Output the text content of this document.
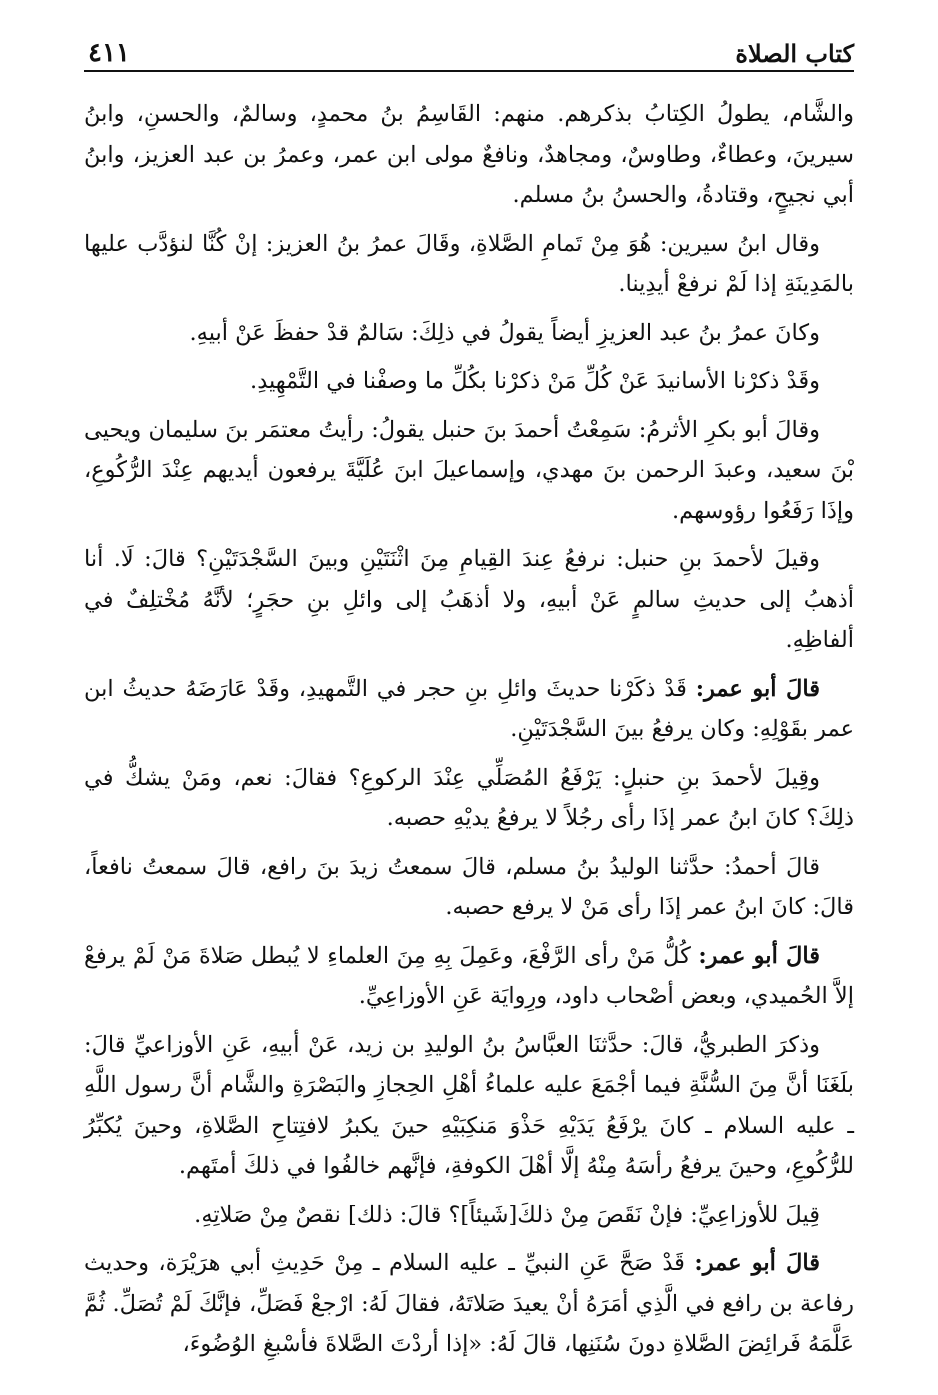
كتاب الصلاة
٤١١

والشَّام، يطولُ الكِتابُ بذكرهم. منهم: القَاسِمُ بنُ محمدٍ، وسالمٌ، والحسنِ، وابنُ سيرينَ، وعطاءٌ، وطاوسٌ، ومجاهدٌ، ونافعٌ مولى ابن عمر، وعمرُ بن عبد العزيز، وابنُ أبي نجيحٍ، وقتادةُ، والحسنُ بنُ مسلم.

وقال ابنُ سيرين: هُوَ مِنْ تَمامِ الصَّلاةِ، وقَالَ عمرُ بنُ العزيز: إنْ كُنَّا لنؤدَّب عليها بالمَدِينَةِ إذا لَمْ نرفعْ أيدِينا.

وكانَ عمرُ بنُ عبد العزيزِ أيضاً يقولُ في ذلِكَ: سَالمٌ قدْ حفظَ عَنْ أبيهِ.

وقَدْ ذكرْنا الأسانيدَ عَنْ كُلِّ مَنْ ذكرْنا بكُلِّ ما وصفْنا في التَّمْهِيدِ.

وقالَ أبو بكرِ الأثرمُ: سَمِعْتُ أحمدَ بنَ حنبل يقولُ: رأيتُ معتمَر بنَ سليمان ويحيى بْنَ سعيد، وعبدَ الرحمن بنَ مهدي، وإسماعيلَ ابنَ عُلَيَّةَ يرفعون أيديهم عِنْدَ الرُّكُوعِ، وإذَا رَفَعُوا رؤوسهم.

وقيلَ لأحمدَ بنِ حنبل: نرفعُ عِندَ القِيامِ مِنَ اثْنَتَيْنِ وبينَ السَّجْدَتَيْنِ؟ قالَ: لَا. أنا أذهبُ إلى حديثِ سالمٍ عَنْ أبيهِ، ولا أذهَبُ إلى وائلِ بنِ حجَرٍ؛ لأنَّهُ مُخْتلِفٌ في ألفاظِهِ.

قالَ أبو عمر: قَدْ ذكَرْنا حديثَ وائلِ بنِ حجر في التَّمهيدِ، وقَدْ عَارَضَهُ حديثُ ابن عمر بقَوْلِهِ: وكان يرفعُ بينَ السَّجْدَتَيْنِ.

وقِيلَ لأحمدَ بنِ حنبلٍ: يَرْفَعُ المُصَلِّي عِنْدَ الركوعِ؟ فقالَ: نعم، ومَنْ يشكُّ في ذلِكَ؟ كانَ ابنُ عمر إذَا رأى رجُلاً لا يرفعُ يديْهِ حصبه.

قالَ أحمدُ: حدَّثنا الوليدُ بنُ مسلم، قالَ سمعتُ زيدَ بنَ رافع، قالَ سمعتُ نافعاً، قالَ: كانَ ابنُ عمر إذَا رأى مَنْ لا يرفع حصبه.

قالَ أبو عمر: كُلُّ مَنْ رأى الرَّفْعَ، وعَمِلَ بِهِ مِنَ العلماءِ لا يُبطل صَلاةَ مَنْ لَمْ يرفعْ إلاَّ الحُميدي، وبعض أصْحاب داود، ورِوايَة عَنِ الأوزاعِيِّ.

وذكرَ الطبريُّ، قالَ: حدَّثنَا العبَّاسُ بنُ الوليدِ بن زيد، عَنْ أبيهِ، عَنِ الأوزاعيِّ قالَ: بلَغَنَا أنَّ مِنَ السُّنَّةِ فيما أجْمَعَ عليه علماءُ أهْلِ الحِجازِ والبَصْرَةِ والشَّام أنَّ رسول اللَّهِ ـ عليه السلام ـ كانَ يرْفَعُ يَدَيْهِ حَذْوَ مَنكِبَيْهِ حينَ يكبرُ لافتِتاحِ الصَّلاةِ، وحينَ يُكبِّرُ للرُّكُوعِ، وحينَ يرفعُ رأسَهُ مِنْهُ إلَّا أهْلَ الكوفةِ، فإنَّهم خالفُوا في ذلكَ أمتَهم.

قِيلَ للأوزاعِيِّ: فإنْ نَقَصَ مِنْ ذلكَ[شَيئاً]؟ قالَ: ذلك] نقصٌ مِنْ صَلاتِهِ.

قالَ أبو عمر: قَدْ صَحَّ عَنِ النبيِّ ـ عليه السلام ـ مِنْ حَدِيثِ أبي هرَيْرَة، وحديث رفاعة بن رافع في الَّذِي أمَرَهُ أنْ يعيدَ صَلاتَهُ، فقالَ لَهُ: ارْجعْ فَصَلِّ، فإنَّكَ لَمْ تُصَلِّ. ثُمَّ عَلَّمَهُ فَرائِضَ الصَّلاةِ دونَ سُنَنِها، قالَ لَهُ: «إذا أردْتَ الصَّلاةَ فأسْبغِ الوُضُوءَ،
